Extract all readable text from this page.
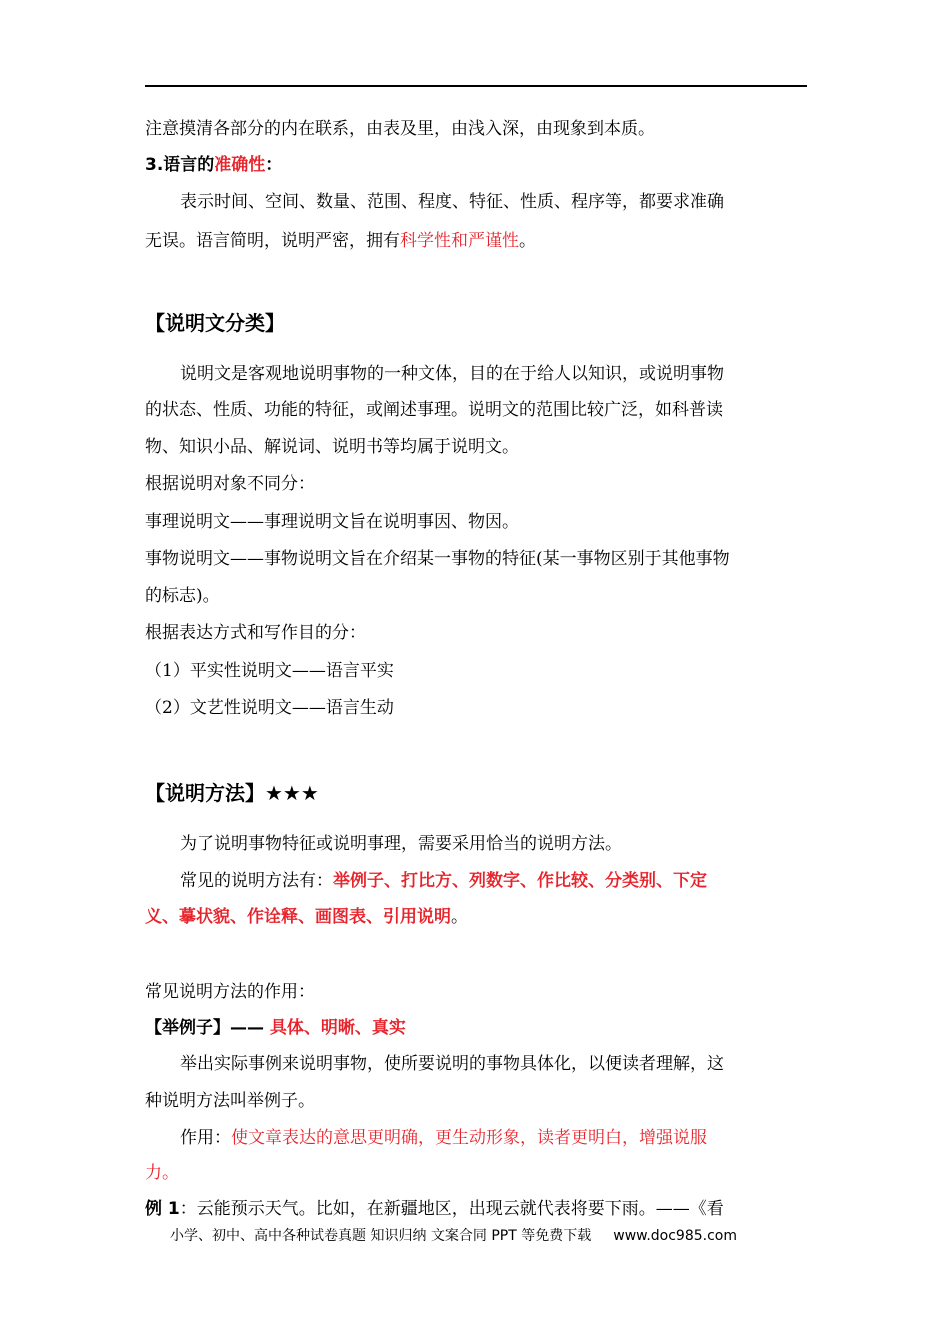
注意摸清各部分的内在联系，由表及里，由浅入深，由现象到本质。
3.语言的准确性：
表示时间、空间、数量、范围、程度、特征、性质、程序等，都要求准确
无误。语言简明，说明严密，拥有科学性和严谨性。
【说明文分类】
说明文是客观地说明事物的一种文体，目的在于给人以知识，或说明事物
的状态、性质、功能的特征，或阐述事理。说明文的范围比较广泛，如科普读
物、知识小品、解说词、说明书等均属于说明文。
根据说明对象不同分：
事理说明文——事理说明文旨在说明事因、物因。
事物说明文——事物说明文旨在介绍某一事物的特征(某一事物区别于其他事物
的标志)。
根据表达方式和写作目的分：
（1）平实性说明文——语言平实
（2）文艺性说明文——语言生动
【说明方法】★★★
为了说明事物特征或说明事理，需要采用恰当的说明方法。
常见的说明方法有：举例子、打比方、列数字、作比较、分类别、下定
义、摹状貌、作诠释、画图表、引用说明。
常见说明方法的作用：
【举例子】—— 具体、明晰、真实
举出实际事例来说明事物，使所要说明的事物具体化，以便读者理解，这
种说明方法叫举例子。
作用：使文章表达的意思更明确，更生动形象，读者更明白，增强说服
力。
例 1：云能预示天气。比如，在新疆地区，出现云就代表将要下雨。——《看
小学、初中、高中各种试卷真题 知识归纳 文案合同 PPT 等免费下载 www.doc985.com
